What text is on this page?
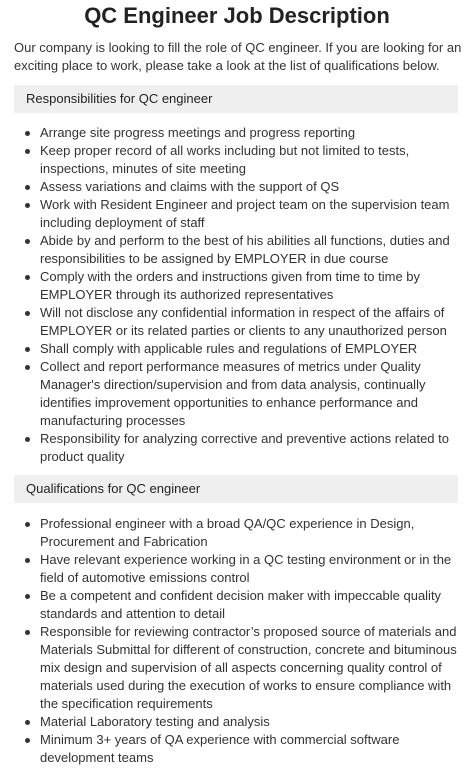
QC Engineer Job Description

Our company is looking to fill the role of QC engineer. If you are looking for an exciting place to work, please take a look at the list of qualifications below.

Responsibilities for QC engineer
Arrange site progress meetings and progress reporting
Keep proper record of all works including but not limited to tests, inspections, minutes of site meeting
Assess variations and claims with the support of QS
Work with Resident Engineer and project team on the supervision team including deployment of staff
Abide by and perform to the best of his abilities all functions, duties and responsibilities to be assigned by EMPLOYER in due course
Comply with the orders and instructions given from time to time by EMPLOYER through its authorized representatives
Will not disclose any confidential information in respect of the affairs of EMPLOYER or its related parties or clients to any unauthorized person
Shall comply with applicable rules and regulations of EMPLOYER
Collect and report performance measures of metrics under Quality Manager's direction/supervision and from data analysis, continually identifies improvement opportunities to enhance performance and manufacturing processes
Responsibility for analyzing corrective and preventive actions related to product quality
Qualifications for QC engineer
Professional engineer with a broad QA/QC experience in Design, Procurement and Fabrication
Have relevant experience working in a QC testing environment or in the field of automotive emissions control
Be a competent and confident decision maker with impeccable quality standards and attention to detail
Responsible for reviewing contractor’s proposed source of materials and Materials Submittal for different of construction, concrete and bituminous mix design and supervision of all aspects concerning quality control of materials used during the execution of works to ensure compliance with the specification requirements
Material Laboratory testing and analysis
Minimum 3+ years of QA experience with commercial software development teams
